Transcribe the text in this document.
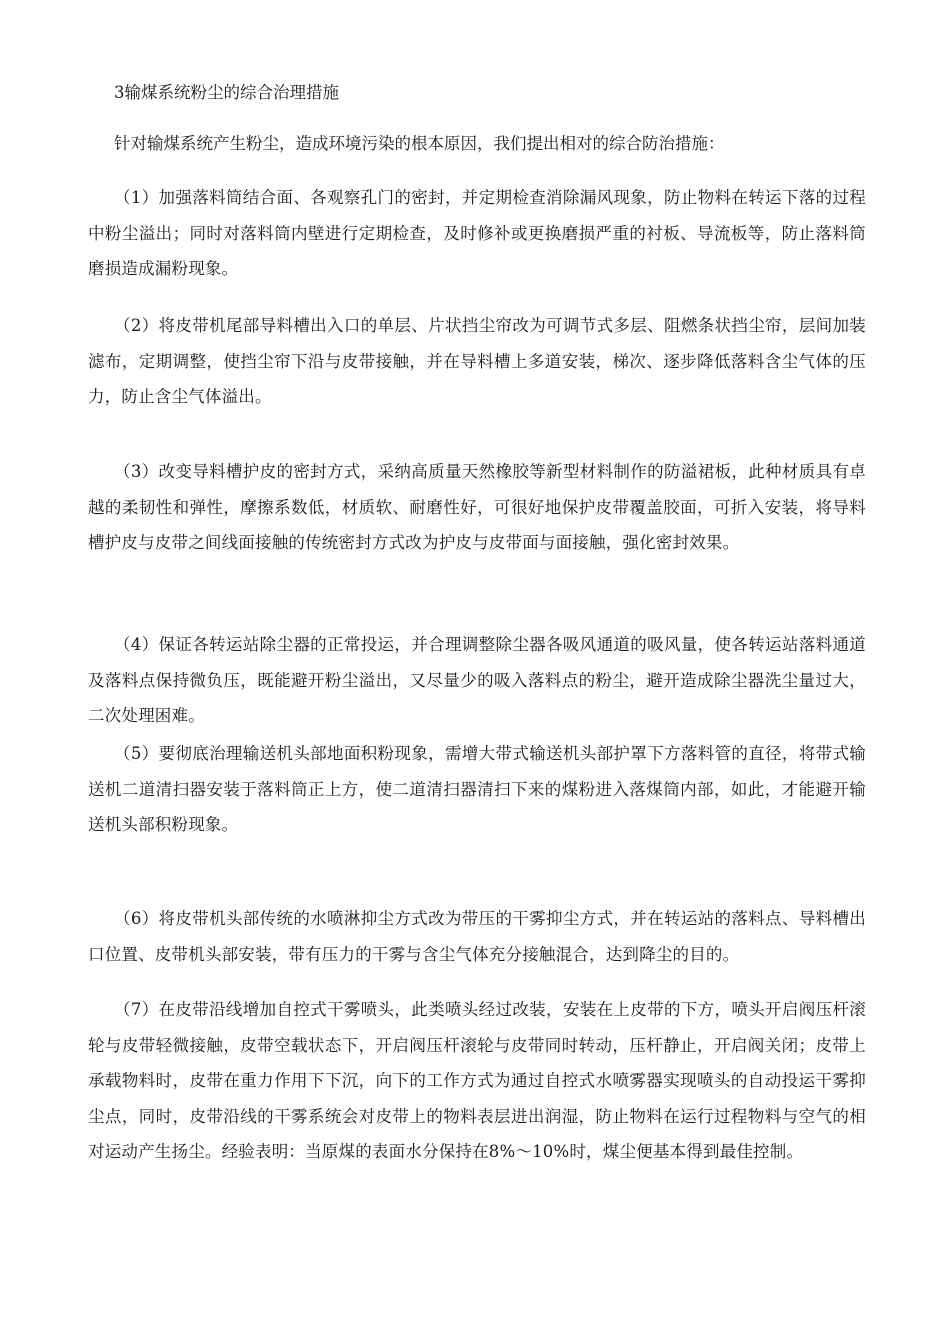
3输煤系统粉尘的综合治理措施

针对输煤系统产生粉尘，造成环境污染的根本原因，我们提出相对的综合防治措施：

（1）加强落料筒结合面、各观察孔门的密封，并定期检查消除漏风现象，防止物料在转运下落的过程中粉尘溢出；同时对落料筒内壁进行定期检查，及时修补或更换磨损严重的衬板、导流板等，防止落料筒磨损造成漏粉现象。

（2）将皮带机尾部导料槽出入口的单层、片状挡尘帘改为可调节式多层、阻燃条状挡尘帘，层间加装滤布，定期调整，使挡尘帘下沿与皮带接触，并在导料槽上多道安装，梯次、逐步降低落料含尘气体的压力，防止含尘气体溢出。

（3）改变导料槽护皮的密封方式，采纳高质量天然橡胶等新型材料制作的防溢裙板，此种材质具有卓越的柔韧性和弹性，摩擦系数低，材质软、耐磨性好，可很好地保护皮带覆盖胶面，可折入安装，将导料槽护皮与皮带之间线面接触的传统密封方式改为护皮与皮带面与面接触，强化密封效果。

（4）保证各转运站除尘器的正常投运，并合理调整除尘器各吸风通道的吸风量，使各转运站落料通道及落料点保持微负压，既能避开粉尘溢出，又尽量少的吸入落料点的粉尘，避开造成除尘器洗尘量过大，二次处理困难。

（5）要彻底治理输送机头部地面积粉现象，需增大带式输送机头部护罩下方落料管的直径，将带式输送机二道清扫器安装于落料筒正上方，使二道清扫器清扫下来的煤粉进入落煤筒内部，如此，才能避开输送机头部积粉现象。

（6）将皮带机头部传统的水喷淋抑尘方式改为带压的干雾抑尘方式，并在转运站的落料点、导料槽出口位置、皮带机头部安装，带有压力的干雾与含尘气体充分接触混合，达到降尘的目的。

（7）在皮带沿线增加自控式干雾喷头，此类喷头经过改装，安装在上皮带的下方，喷头开启阀压杆滚轮与皮带轻微接触，皮带空载状态下，开启阀压杆滚轮与皮带同时转动，压杆静止，开启阀关闭；皮带上承载物料时，皮带在重力作用下下沉，向下的工作方式为通过自控式水喷雾器实现喷头的自动投运干雾抑尘点，同时，皮带沿线的干雾系统会对皮带上的物料表层进出润湿，防止物料在运行过程物料与空气的相对运动产生扬尘。经验表明：当原煤的表面水分保持在8%～10%时，煤尘便基本得到最佳控制。
